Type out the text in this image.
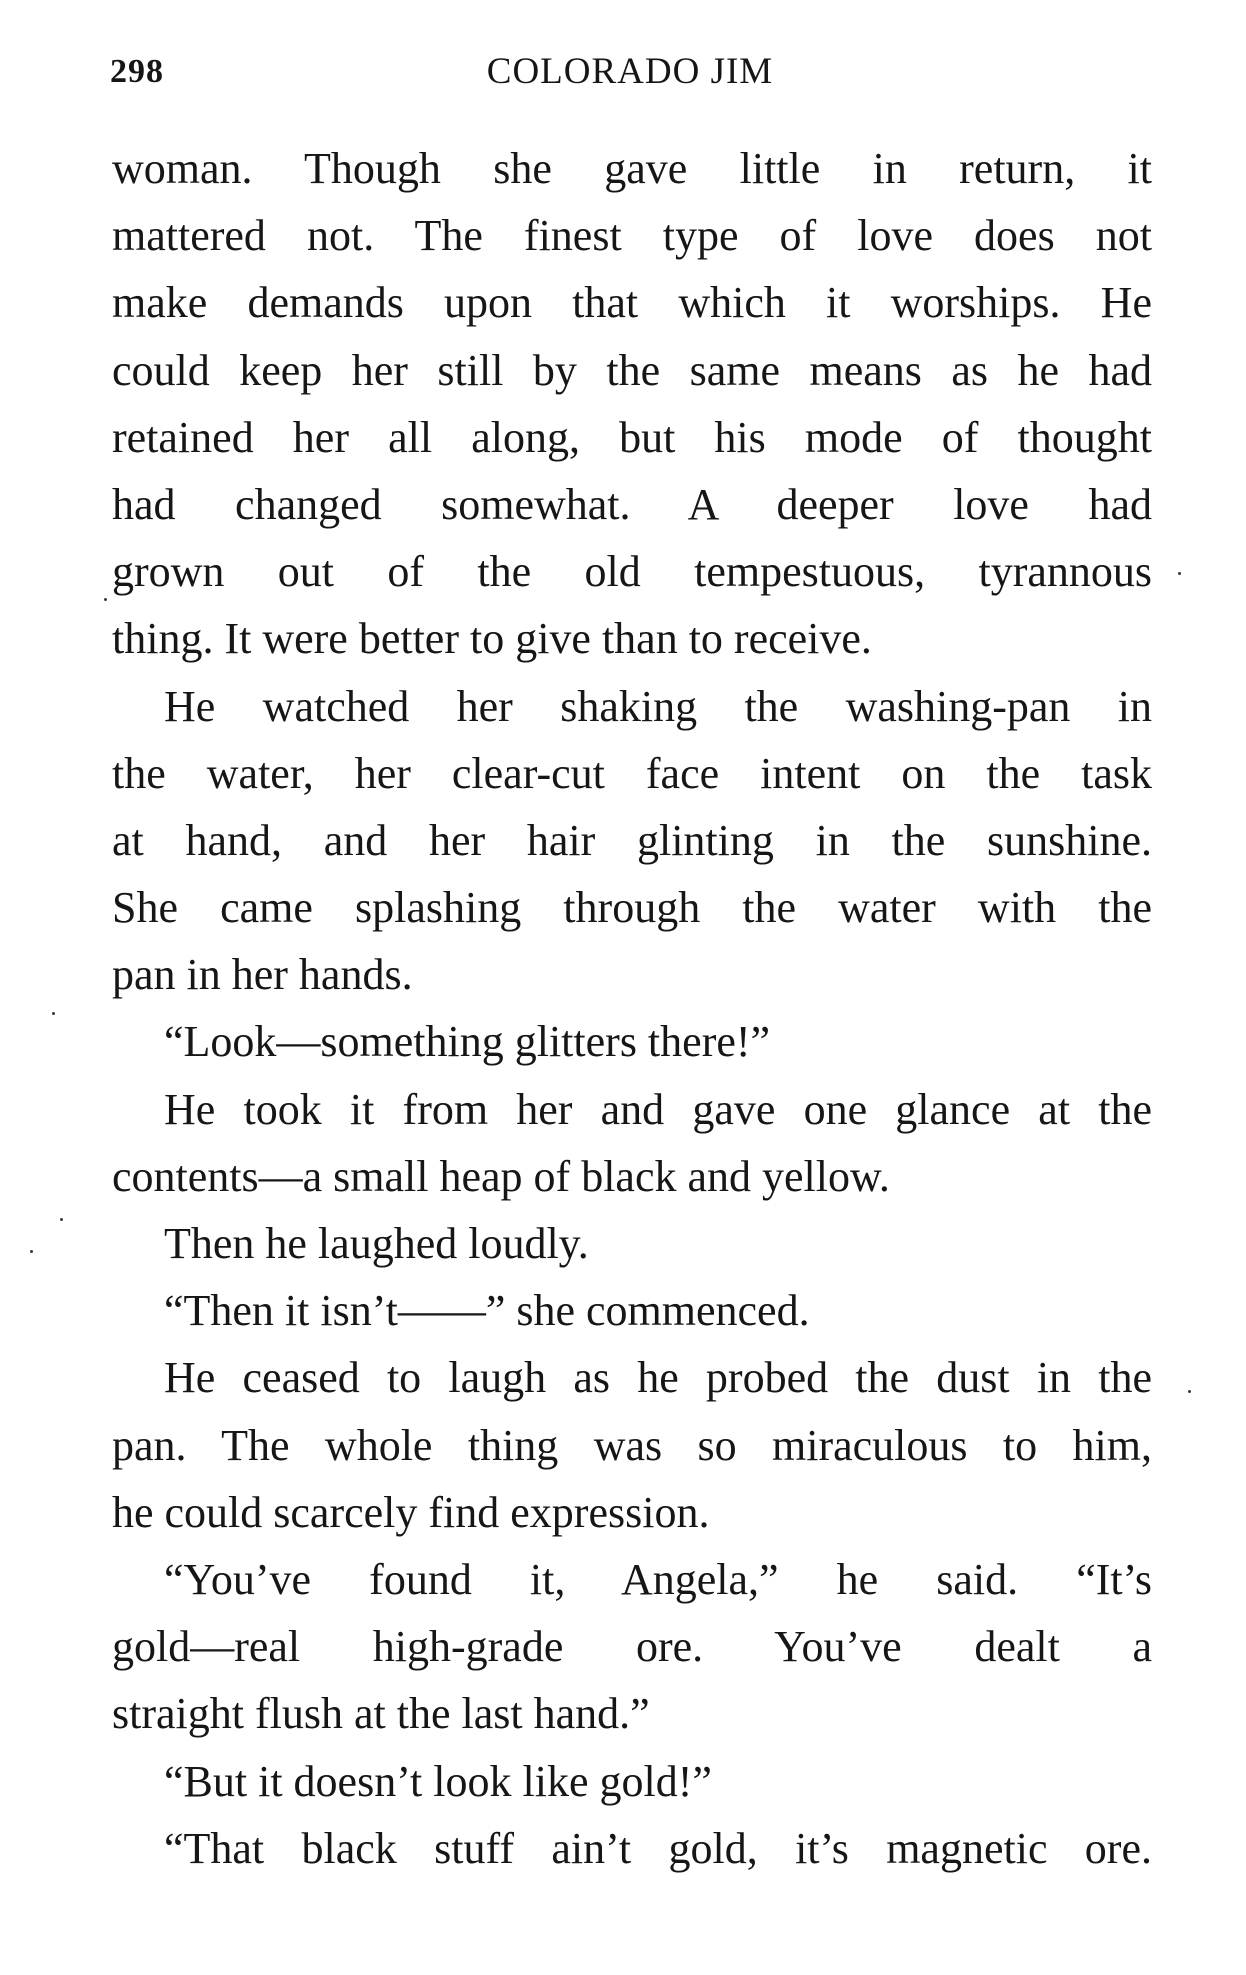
298	COLORADO JIM
woman. Though she gave little in return, it
mattered not. The finest type of love does not
make demands upon that which it worships. He
could keep her still by the same means as he had
retained her all along, but his mode of thought
had changed somewhat. A deeper love had
grown out of the old tempestuous, tyrannous
thing. It were better to give than to receive.
He watched her shaking the washing-pan in
the water, her clear-cut face intent on the task
at hand, and her hair glinting in the sunshine.
She came splashing through the water with the
pan in her hands.
“Look—something glitters there!”
He took it from her and gave one glance at the
contents—a small heap of black and yellow.
Then he laughed loudly.
“Then it isn’t——” she commenced.
He ceased to laugh as he probed the dust in the
pan. The whole thing was so miraculous to him,
he could scarcely find expression.
“You’ve found it, Angela,” he said. “It’s
gold—real high-grade ore. You’ve dealt a
straight flush at the last hand.”
“But it doesn’t look like gold!”
“That black stuff ain’t gold, it’s magnetic ore.
